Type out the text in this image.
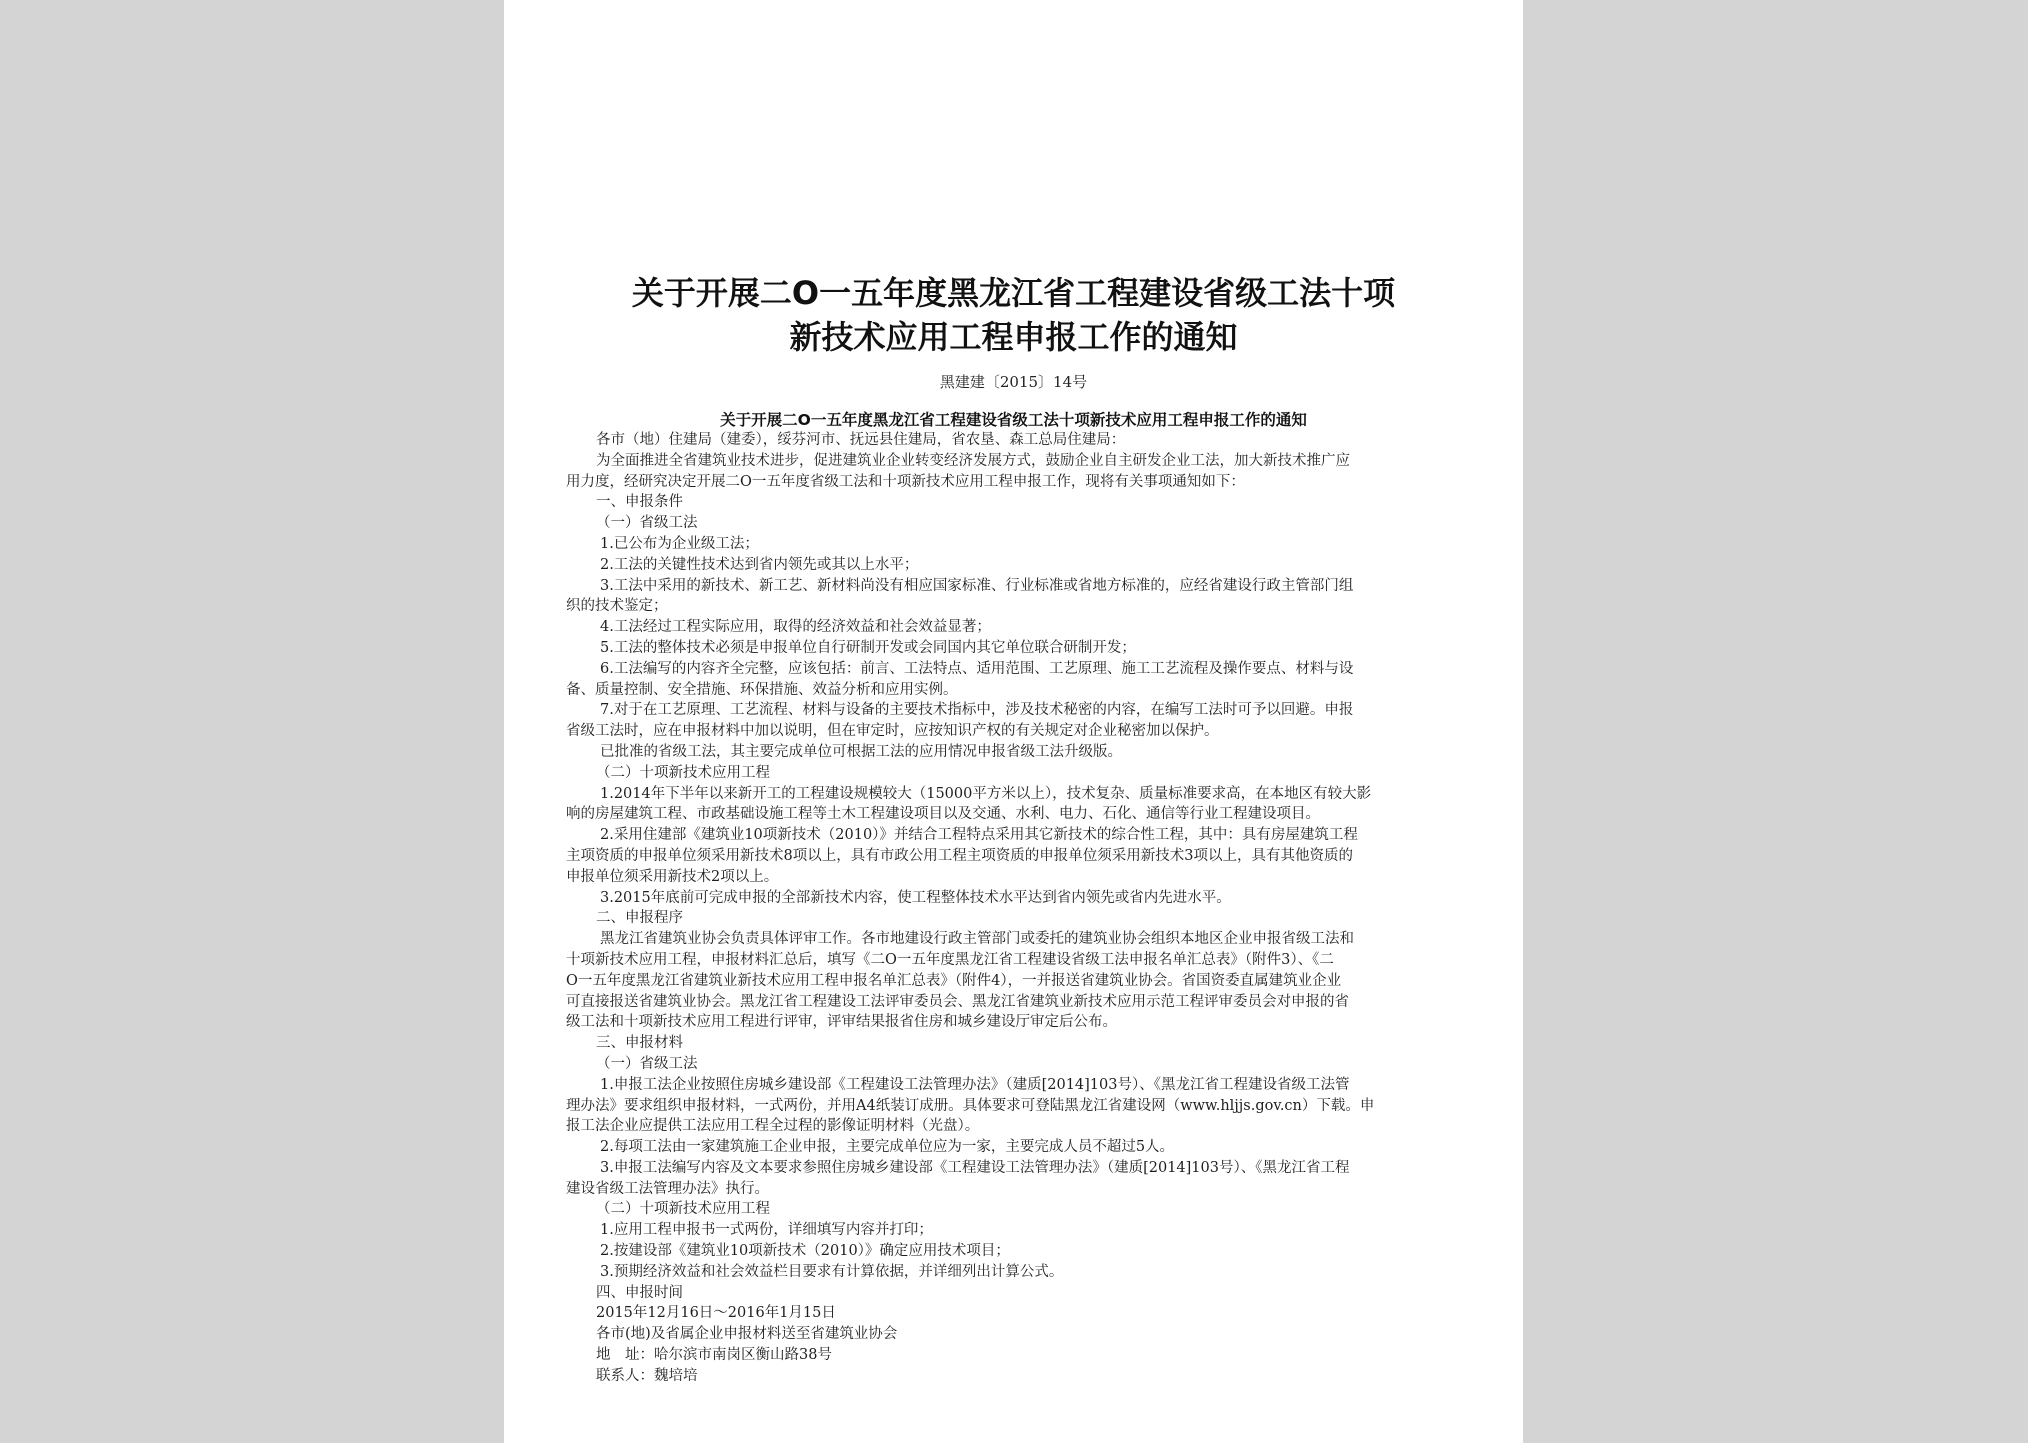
关于开展二O一五年度黑龙江省工程建设省级工法十项
新技术应用工程申报工作的通知
黑建建〔2015〕14号
关于开展二O一五年度黑龙江省工程建设省级工法十项新技术应用工程申报工作的通知
各市（地）住建局（建委），绥芬河市、抚远县住建局，省农垦、森工总局住建局：
为全面推进全省建筑业技术进步，促进建筑业企业转变经济发展方式，鼓励企业自主研发企业工法，加大新技术推广应
用力度，经研究决定开展二O一五年度省级工法和十项新技术应用工程申报工作，现将有关事项通知如下：
一、申报条件
（一）省级工法
1.已公布为企业级工法；
2.工法的关键性技术达到省内领先或其以上水平；
3.工法中采用的新技术、新工艺、新材料尚没有相应国家标准、行业标准或省地方标准的，应经省建设行政主管部门组
织的技术鉴定；
4.工法经过工程实际应用，取得的经济效益和社会效益显著；
5.工法的整体技术必须是申报单位自行研制开发或会同国内其它单位联合研制开发；
6.工法编写的内容齐全完整，应该包括：前言、工法特点、适用范围、工艺原理、施工工艺流程及操作要点、材料与设
备、质量控制、安全措施、环保措施、效益分析和应用实例。
7.对于在工艺原理、工艺流程、材料与设备的主要技术指标中，涉及技术秘密的内容，在编写工法时可予以回避。申报
省级工法时，应在申报材料中加以说明，但在审定时，应按知识产权的有关规定对企业秘密加以保护。
已批准的省级工法，其主要完成单位可根据工法的应用情况申报省级工法升级版。
（二）十项新技术应用工程
1.2014年下半年以来新开工的工程建设规模较大（15000平方米以上），技术复杂、质量标准要求高，在本地区有较大影
响的房屋建筑工程、市政基础设施工程等土木工程建设项目以及交通、水利、电力、石化、通信等行业工程建设项目。
2.采用住建部《建筑业10项新技术（2010）》并结合工程特点采用其它新技术的综合性工程，其中：具有房屋建筑工程
主项资质的申报单位须采用新技术8项以上，具有市政公用工程主项资质的申报单位须采用新技术3项以上，具有其他资质的
申报单位须采用新技术2项以上。
3.2015年底前可完成申报的全部新技术内容，使工程整体技术水平达到省内领先或省内先进水平。
二、申报程序
黑龙江省建筑业协会负责具体评审工作。各市地建设行政主管部门或委托的建筑业协会组织本地区企业申报省级工法和
十项新技术应用工程，申报材料汇总后，填写《二O一五年度黑龙江省工程建设省级工法申报名单汇总表》（附件3）、《二
O一五年度黑龙江省建筑业新技术应用工程申报名单汇总表》（附件4），一并报送省建筑业协会。省国资委直属建筑业企业
可直接报送省建筑业协会。黑龙江省工程建设工法评审委员会、黑龙江省建筑业新技术应用示范工程评审委员会对申报的省
级工法和十项新技术应用工程进行评审，评审结果报省住房和城乡建设厅审定后公布。
三、申报材料
（一）省级工法
1.申报工法企业按照住房城乡建设部《工程建设工法管理办法》（建质[2014]103号）、《黑龙江省工程建设省级工法管
理办法》要求组织申报材料，一式两份，并用A4纸装订成册。具体要求可登陆黑龙江省建设网（www.hljjs.gov.cn）下载。申
报工法企业应提供工法应用工程全过程的影像证明材料（光盘）。
2.每项工法由一家建筑施工企业申报，主要完成单位应为一家，主要完成人员不超过5人。
3.申报工法编写内容及文本要求参照住房城乡建设部《工程建设工法管理办法》（建质[2014]103号）、《黑龙江省工程
建设省级工法管理办法》执行。
（二）十项新技术应用工程
1.应用工程申报书一式两份，详细填写内容并打印；
2.按建设部《建筑业10项新技术（2010）》确定应用技术项目；
3.预期经济效益和社会效益栏目要求有计算依据，并详细列出计算公式。
四、申报时间
2015年12月16日～2016年1月15日
各市(地)及省属企业申报材料送至省建筑业协会
地　址：哈尔滨市南岗区衡山路38号
联系人：魏培培
